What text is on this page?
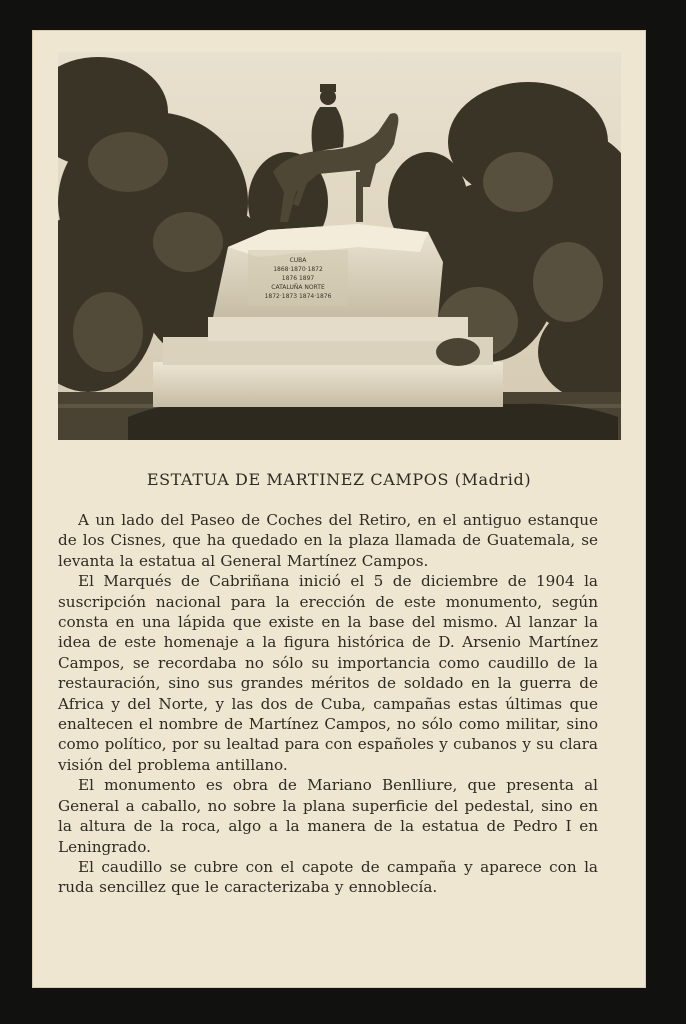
CUBA
1868·1870·1872
1876 1897
CATALUÑA NORTE
1872·1873 1874·1876
ESTATUA DE MARTINEZ CAMPOS (Madrid)

A un lado del Paseo de Coches del Retiro, en el antiguo estanque de los Cisnes, que ha quedado en la plaza llamada de Guatemala, se levanta la estatua al General Martínez Campos.

El Marqués de Cabriñana inició el 5 de diciembre de 1904 la suscripción nacional para la erección de este monumento, según consta en una lápida que existe en la base del mismo. Al lanzar la idea de este homenaje a la figura histórica de D. Arsenio Martínez Campos, se recordaba no sólo su importancia como caudillo de la restauración, sino sus grandes méritos de soldado en la guerra de Africa y del Norte, y las dos de Cuba, campañas estas últimas que enaltecen el nombre de Martínez Campos, no sólo como militar, sino como político, por su lealtad para con españoles y cubanos y su clara visión del problema antillano.

El monumento es obra de Mariano Benlliure, que presenta al General a caballo, no sobre la plana superficie del pedestal, sino en la altura de la roca, algo a la manera de la estatua de Pedro I en Leningrado.

El caudillo se cubre con el capote de campaña y aparece con la ruda sencillez que le caracterizaba y ennoblecía.
